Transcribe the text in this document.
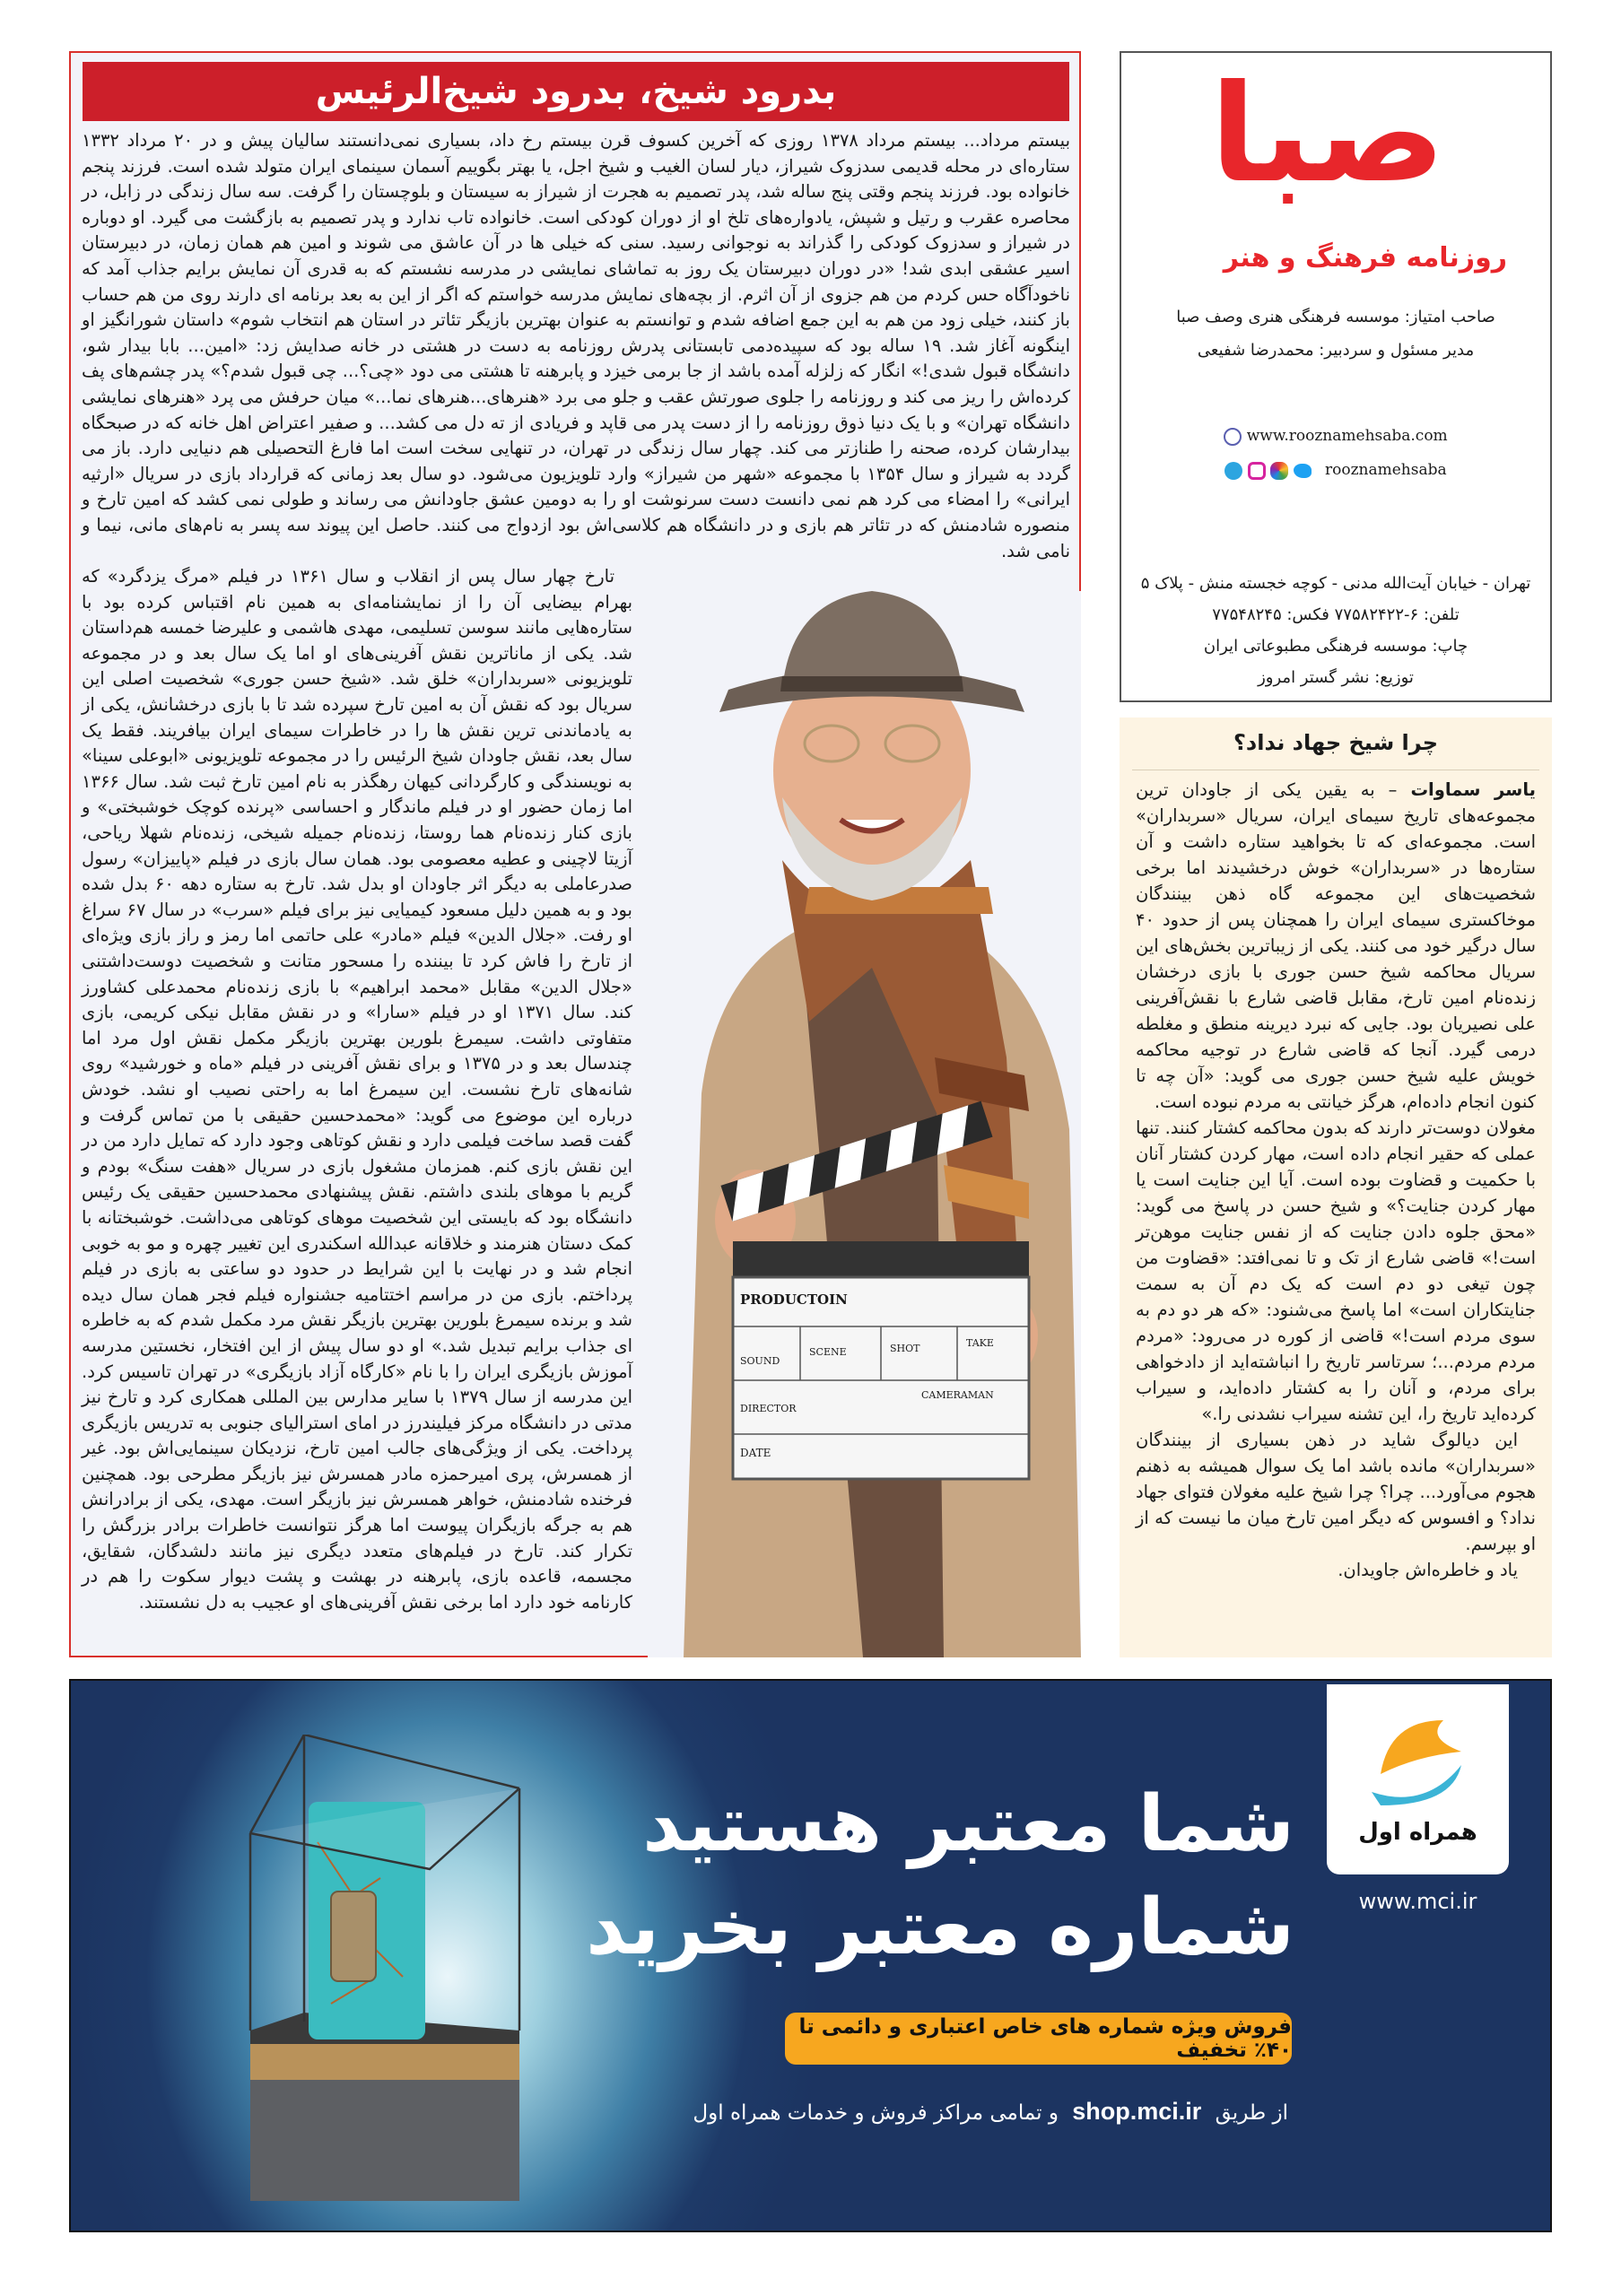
بدرود شیخ، بدرود شیخ‌الرئیس

بیستم مرداد... بیستم مرداد ۱۳۷۸ روزی که آخرین کسوف قرن بیستم رخ داد، بسیاری نمی‌دانستند سالیان پیش و در ۲۰ مرداد ۱۳۳۲ ستاره‌ای در محله قدیمی سدزوک شیراز، دیار لسان الغیب و شیخ اجل، یا بهتر بگوییم آسمان سینمای ایران متولد شده است. فرزند پنجم خانواده بود. فرزند پنجم وقتی پنج ساله شد، پدر تصمیم به هجرت از شیراز به سیستان و بلوچستان را گرفت. سه سال زندگی در زابل، در محاصره عقرب و رتیل و شپش، یادواره‌های تلخ او از دوران کودکی است. خانواده تاب ندارد و پدر تصمیم به بازگشت می گیرد. او دوباره در شیراز و سدزوک کودکی را گذراند به نوجوانی رسید. سنی که خیلی ها در آن عاشق می شوند و امین هم همان زمان، در دبیرستان اسیر عشقی ابدی شد! «در دوران دبیرستان یک روز به تماشای نمایشی در مدرسه نشستم که به قدری آن نمایش برایم جذاب آمد که ناخودآگاه حس کردم من هم جزوی از آن اثرم. از بچه‌های نمایش مدرسه خواستم که اگر از این به بعد برنامه ای دارند روی من هم حساب باز کنند، خیلی زود من هم به این جمع اضافه شدم و توانستم به عنوان بهترین بازیگر تئاتر در استان هم انتخاب شوم» داستان شورانگیز او اینگونه آغاز شد. ۱۹ ساله بود که سپیده‌دمی تابستانی پدرش روزنامه به دست در هشتی در خانه صدایش زد: «امین... بابا بیدار شو، دانشگاه قبول شدی!» انگار که زلزله آمده باشد از جا برمی خیزد و پابرهنه تا هشتی می دود «چی؟... چی قبول شدم؟» پدر چشم‌های پف کرده‌اش را ریز می کند و روزنامه را جلوی صورتش عقب و جلو می برد «هنرهای...هنرهای نما...» میان حرفش می پرد «هنرهای نمایشی دانشگاه تهران» و با یک دنیا ذوق روزنامه را از دست پدر می قاپد و فریادی از ته دل می کشد... و صفیر اعتراض اهل خانه که در صبحگاه بیدارشان کرده، صحنه را طنازتر می کند. چهار سال زندگی در تهران، در تنهایی سخت است اما فارغ التحصیلی هم دنیایی دارد. باز می گردد به شیراز و سال ۱۳۵۴ با مجموعه «شهر من شیراز» وارد تلویزیون می‌شود. دو سال بعد زمانی که قرارداد بازی در سریال «ارثیه ایرانی» را امضاء می کرد هم نمی دانست دست سرنوشت او را به دومین عشق جاودانش می رساند و طولی نمی کشد که امین تارخ و منصوره شادمنش که در تئاتر هم بازی و در دانشگاه هم کلاسی‌اش بود ازدواج می کنند. حاصل این پیوند سه پسر به نام‌های مانی، نیما و نامی شد.

تارخ چهار سال پس از انقلاب و سال ۱۳۶۱ در فیلم «مرگ یزدگرد» که بهرام بیضایی آن را از نمایشنامه‌ای به همین نام اقتباس کرده بود با ستاره‌هایی مانند سوسن تسلیمی، مهدی هاشمی و علیرضا خمسه هم‌داستان شد. یکی از ماناترین نقش آفرینی‌های او اما یک سال بعد و در مجموعه تلویزیونی «سربداران» خلق شد. «شیخ حسن جوری» شخصیت اصلی این سریال بود که نقش آن به امین تارخ سپرده شد تا با بازی درخشانش، یکی از به یادماندنی ترین نقش ها را در خاطرات سیمای ایران بیافریند. فقط یک سال بعد، نقش جاودان شیخ الرئیس را در مجموعه تلویزیونی «ابوعلی سینا» به نویسندگی و کارگردانی کیهان رهگذر به نام امین تارخ ثبت شد. سال ۱۳۶۶ اما زمان حضور او در فیلم ماندگار و احساسی «پرنده کوچک خوشبختی» و بازی کنار زنده‌نام هما روستا، زنده‌نام جمیله شیخی، زنده‌نام شهلا ریاحی، آزیتا لاچینی و عطیه معصومی بود. همان سال بازی در فیلم «پاییزان» رسول صدرعاملی به دیگر اثر جاودان او بدل شد. تارخ به ستاره دهه ۶۰ بدل شده بود و به همین دلیل مسعود کیمیایی نیز برای فیلم «سرب» در سال ۶۷ سراغ او رفت. «جلال الدین» فیلم «مادر» علی حاتمی اما رمز و راز بازی ویژه‌ای از تارخ را فاش کرد تا بیننده را مسحور متانت و شخصیت دوست‌داشتنی «جلال الدین» مقابل «محمد ابراهیم» با بازی زنده‌نام محمدعلی کشاورز کند. سال ۱۳۷۱ او در فیلم «سارا» و در نقش مقابل نیکی کریمی، بازی متفاوتی داشت. سیمرغ بلورین بهترین بازیگر مکمل نقش اول مرد اما چندسال بعد و در ۱۳۷۵ و برای نقش آفرینی در فیلم «ماه و خورشید» روی شانه‌های تارخ نشست. این سیمرغ اما به راحتی نصیب او نشد. خودش درباره این موضوع می گوید: «محمدحسین حقیقی با من تماس گرفت و گفت قصد ساخت فیلمی دارد و نقش کوتاهی وجود دارد که تمایل دارد من در این نقش بازی کنم. همزمان مشغول بازی در سریال «هفت سنگ» بودم و گریم با موهای بلندی داشتم. نقش پیشنهادی محمدحسین حقیقی یک رئیس دانشگاه بود که بایستی این شخصیت موهای کوتاهی می‌داشت. خوشبختانه با کمک دستان هنرمند و خلاقانه عبدالله اسکندری این تغییر چهره و مو به خوبی انجام شد و در نهایت با این شرایط در حدود دو ساعتی به بازی در فیلم پرداختم. بازی من در مراسم اختتامیه جشنواره فیلم فجر همان سال دیده شد و برنده سیمرغ بلورین بهترین بازیگر نقش مرد مکمل شدم که به خاطره ای جذاب برایم تبدیل شد.» او دو سال پیش از این افتخار، نخستین مدرسه آموزش بازیگری ایران را با نام «کارگاه آزاد بازیگری» در تهران تاسیس کرد. این مدرسه از سال ۱۳۷۹ با سایر مدارس بین المللی همکاری کرد و تارخ نیز مدتی در دانشگاه مرکز فیلیندرز در امای استرالیای جنوبی به تدریس بازیگری پرداخت. یکی از ویژگی‌های جالب امین تارخ، نزدیکان سینمایی‌اش بود. غیر از همسرش، پری امیرحمزه مادر همسرش نیز بازیگر مطرحی بود. همچنین فرخنده شادمنش، خواهر همسرش نیز بازیگر است. مهدی، یکی از برادرانش هم به جرگه بازیگران پیوست اما هرگز نتوانست خاطرات برادر بزرگش را تکرار کند. تارخ در فیلم‌های متعدد دیگری نیز مانند دلشدگان، شقایق، مجسمه، قاعده بازی، پابرهنه در بهشت و پشت دیوار سکوت را هم در کارنامه خود دارد اما برخی نقش آفرینی‌های او عجیب به دل نشستند.

PRODUCTOIN
SOUND
SCENE	SHOT	TAKE
DIRECTOR
CAMERAMAN
DATE
صبا
روزنامه فرهنگ و هنر
صاحب امتیاز: موسسه فرهنگی هنری وصف صبا
مدیر مسئول و سردبیر: محمدرضا شفیعی
www.rooznamehsaba.com
rooznamehsaba
تهران - خیابان آیت‌الله مدنی - کوچه خجسته منش - پلاک ۵
تلفن: ۶-۷۷۵۸۲۴۲۲ فکس: ۷۷۵۴۸۲۴۵
چاپ: موسسه فرهنگی مطبوعاتی ایران
توزیع: نشر گستر امروز
چرا شیخ جهاد نداد؟

یاسر سماوات – به یقین یکی از جاودان ترین مجموعه‌های تاریخ سیمای ایران، سریال «سربداران» است. مجموعه‌ای که تا بخواهید ستاره داشت و آن ستاره‌ها در «سربداران» خوش درخشیدند اما برخی شخصیت‌های این مجموعه گاه ذهن بینندگان موخاکستری سیمای ایران را همچنان پس از حدود ۴۰ سال درگیر خود می کنند. یکی از زیباترین بخش‌های این سریال محاکمه شیخ حسن جوری با بازی درخشان زنده‌نام امین تارخ، مقابل قاضی شارع با نقش‌آفرینی علی نصیریان بود. جایی که نبرد دیرینه منطق و مغلطه درمی گیرد. آنجا که قاضی شارع در توجیه محاکمه خویش علیه شیخ حسن جوری می گوید: «آن چه تا کنون انجام داده‌ام، هرگز خیانتی به مردم نبوده است.

مغولان دوست‌تر دارند که بدون محاکمه کشتار کنند. تنها عملی که حقیر انجام داده است، مهار کردن کشتار آنان با حکمیت و قضاوت بوده است. آیا این جنایت است یا مهار کردن جنایت؟» و شیخ حسن در پاسخ می گوید: «محق جلوه دادن جنایت که از نفس جنایت موهن‌تر است!» قاضی شارع از تک و تا نمی‌افتد: «قضاوت من چون تیغی دو دم است که یک دم آن به سمت جنایتکاران است» اما پاسخ می‌شنود: «که هر دو دم به سوی مردم است!» قاضی از کوره در می‌رود: «مردم مردم مردم...؛ سرتاسر تاریخ را انباشته‌اید از دادخواهی برای مردم، و آنان را به کشتار داده‌اید، و سیراب کرده‌اید تاریخ را، این تشنه سیراب نشدنی را.»

این دیالوگ شاید در ذهن بسیاری از بینندگان «سربداران» مانده باشد اما یک سوال همیشه به ذهنم هجوم می‌آورد... چرا؟ چرا شیخ علیه مغولان فتوای جهاد نداد؟ و افسوس که دیگر امین تارخ میان ما نیست که از او بپرسم.

یاد و خاطره‌اش جاویدان.

همراه اول
www.mci.ir
شما معتبر هستید
شماره معتبر بخرید
فروش ویژه شماره های خاص اعتباری و دائمی تا ۴۰٪ تخفیف
از طریق shop.mci.ir و تمامی مراکز فروش و خدمات همراه اول
